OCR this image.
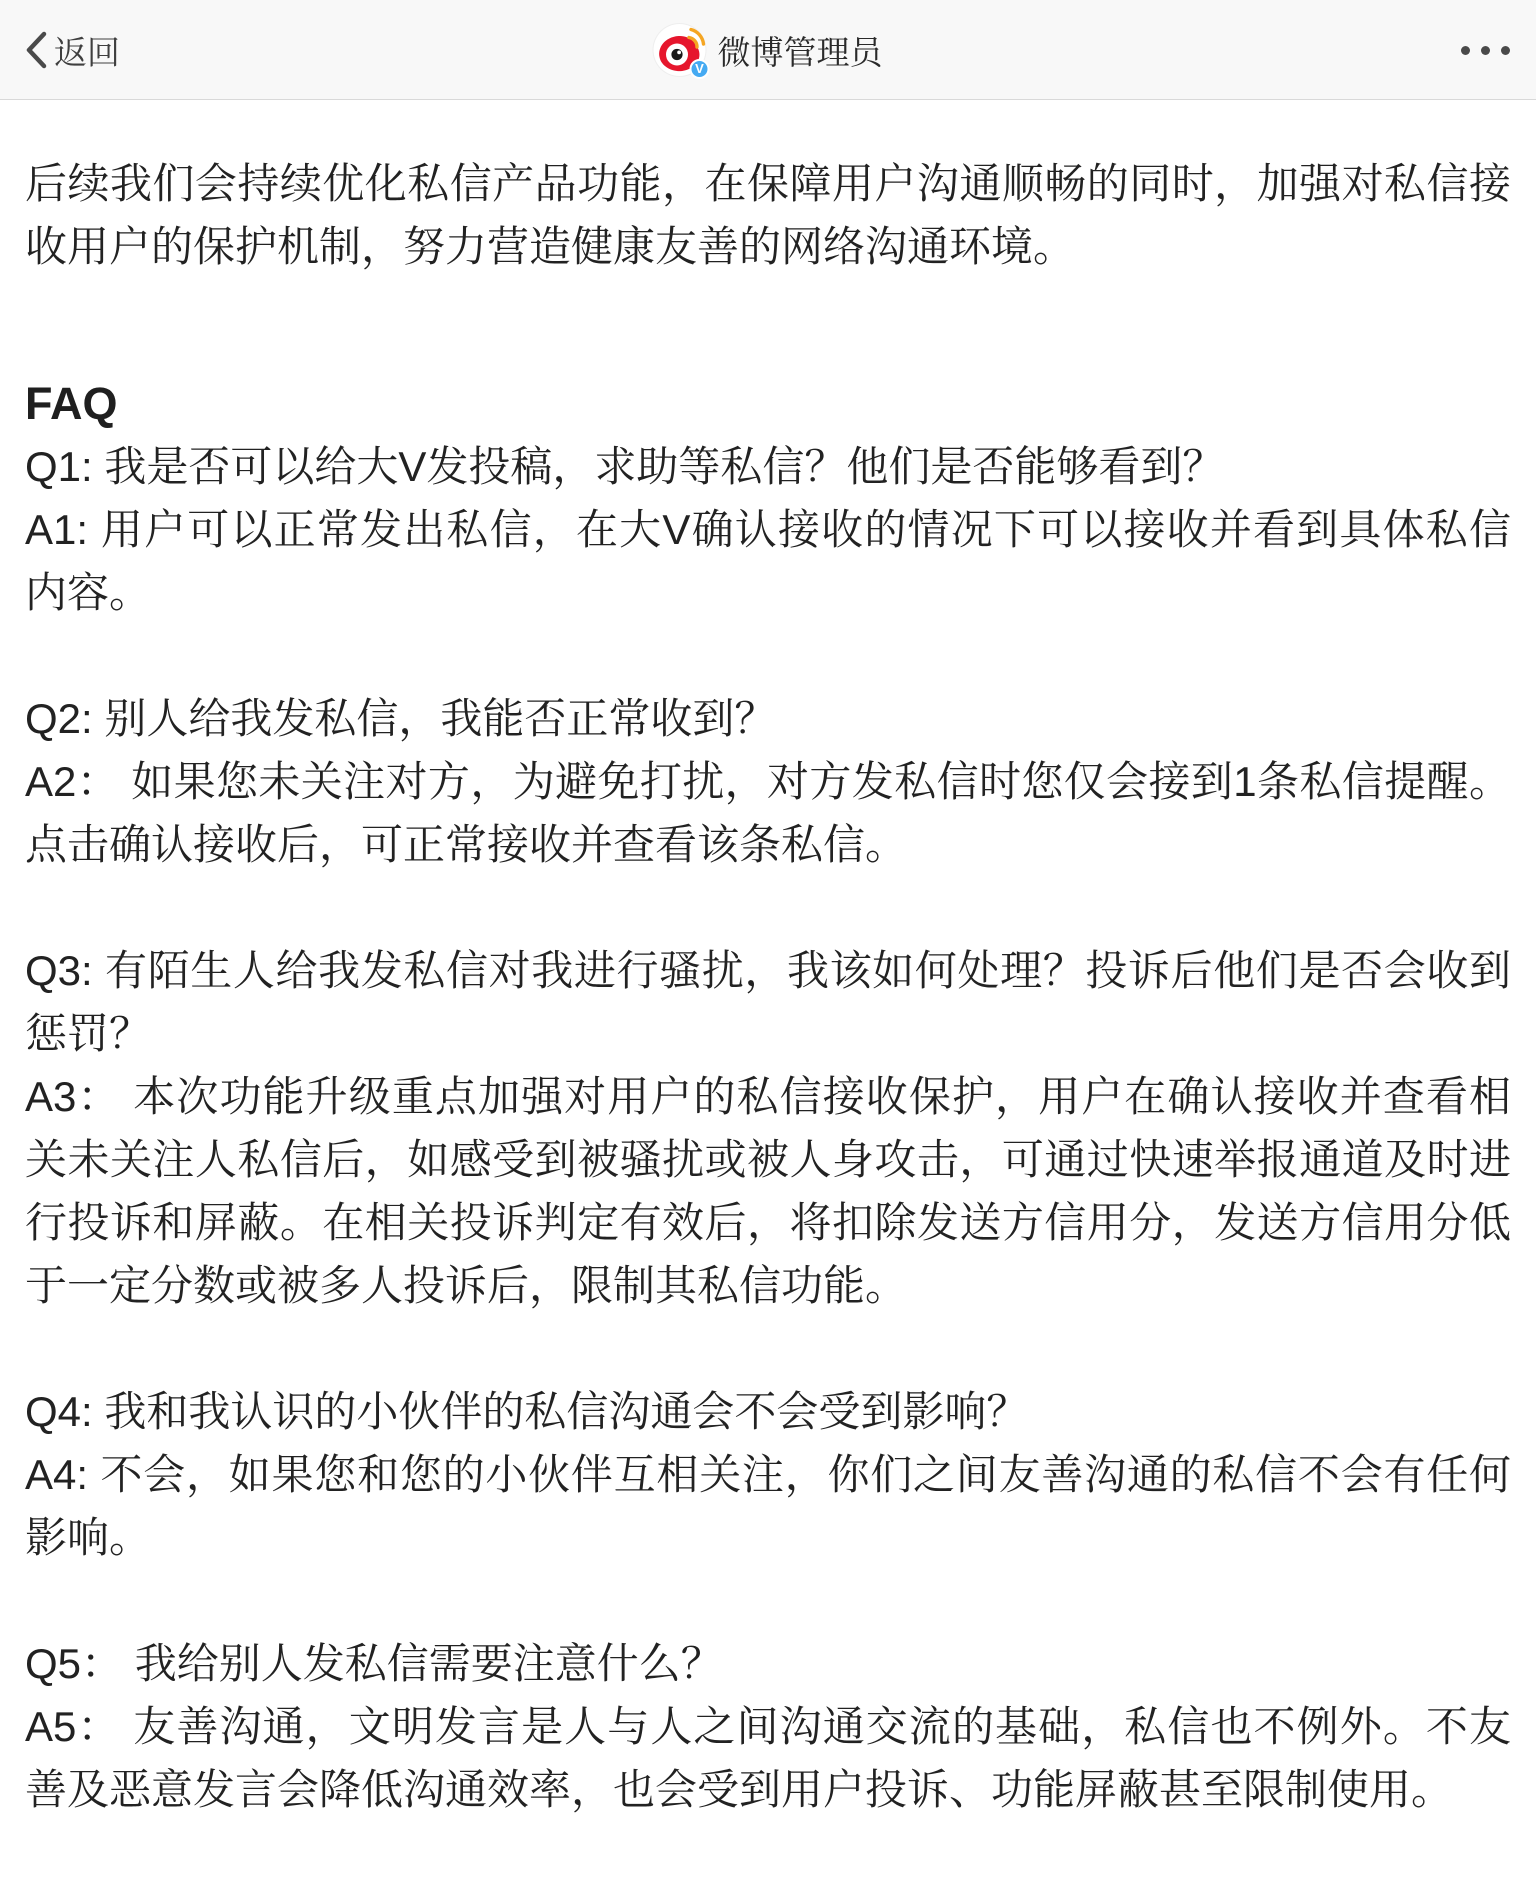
返回	V 微博管理员

后续我们会持续优化私信产品功能，在保障用户沟通顺畅的同时，加强对私信接收用户的保护机制，努力营造健康友善的网络沟通环境。

FAQ

Q1: 我是否可以给大V发投稿，求助等私信？他们是否能够看到？

A1: 用户可以正常发出私信，在大V确认接收的情况下可以接收并看到具体私信内容。

Q2: 别人给我发私信，我能否正常收到？

A2： 如果您未关注对方，为避免打扰，对方发私信时您仅会接到1条私信提醒。点击确认接收后，可正常接收并查看该条私信。

Q3: 有陌生人给我发私信对我进行骚扰，我该如何处理？投诉后他们是否会收到惩罚？

A3： 本次功能升级重点加强对用户的私信接收保护，用户在确认接收并查看相关未关注人私信后，如感受到被骚扰或被人身攻击，可通过快速举报通道及时进行投诉和屏蔽。在相关投诉判定有效后，将扣除发送方信用分，发送方信用分低于一定分数或被多人投诉后，限制其私信功能。

Q4: 我和我认识的小伙伴的私信沟通会不会受到影响？

A4: 不会，如果您和您的小伙伴互相关注，你们之间友善沟通的私信不会有任何影响。

Q5： 我给别人发私信需要注意什么？

A5： 友善沟通，文明发言是人与人之间沟通交流的基础，私信也不例外。不友善及恶意发言会降低沟通效率，也会受到用户投诉、功能屏蔽甚至限制使用。
